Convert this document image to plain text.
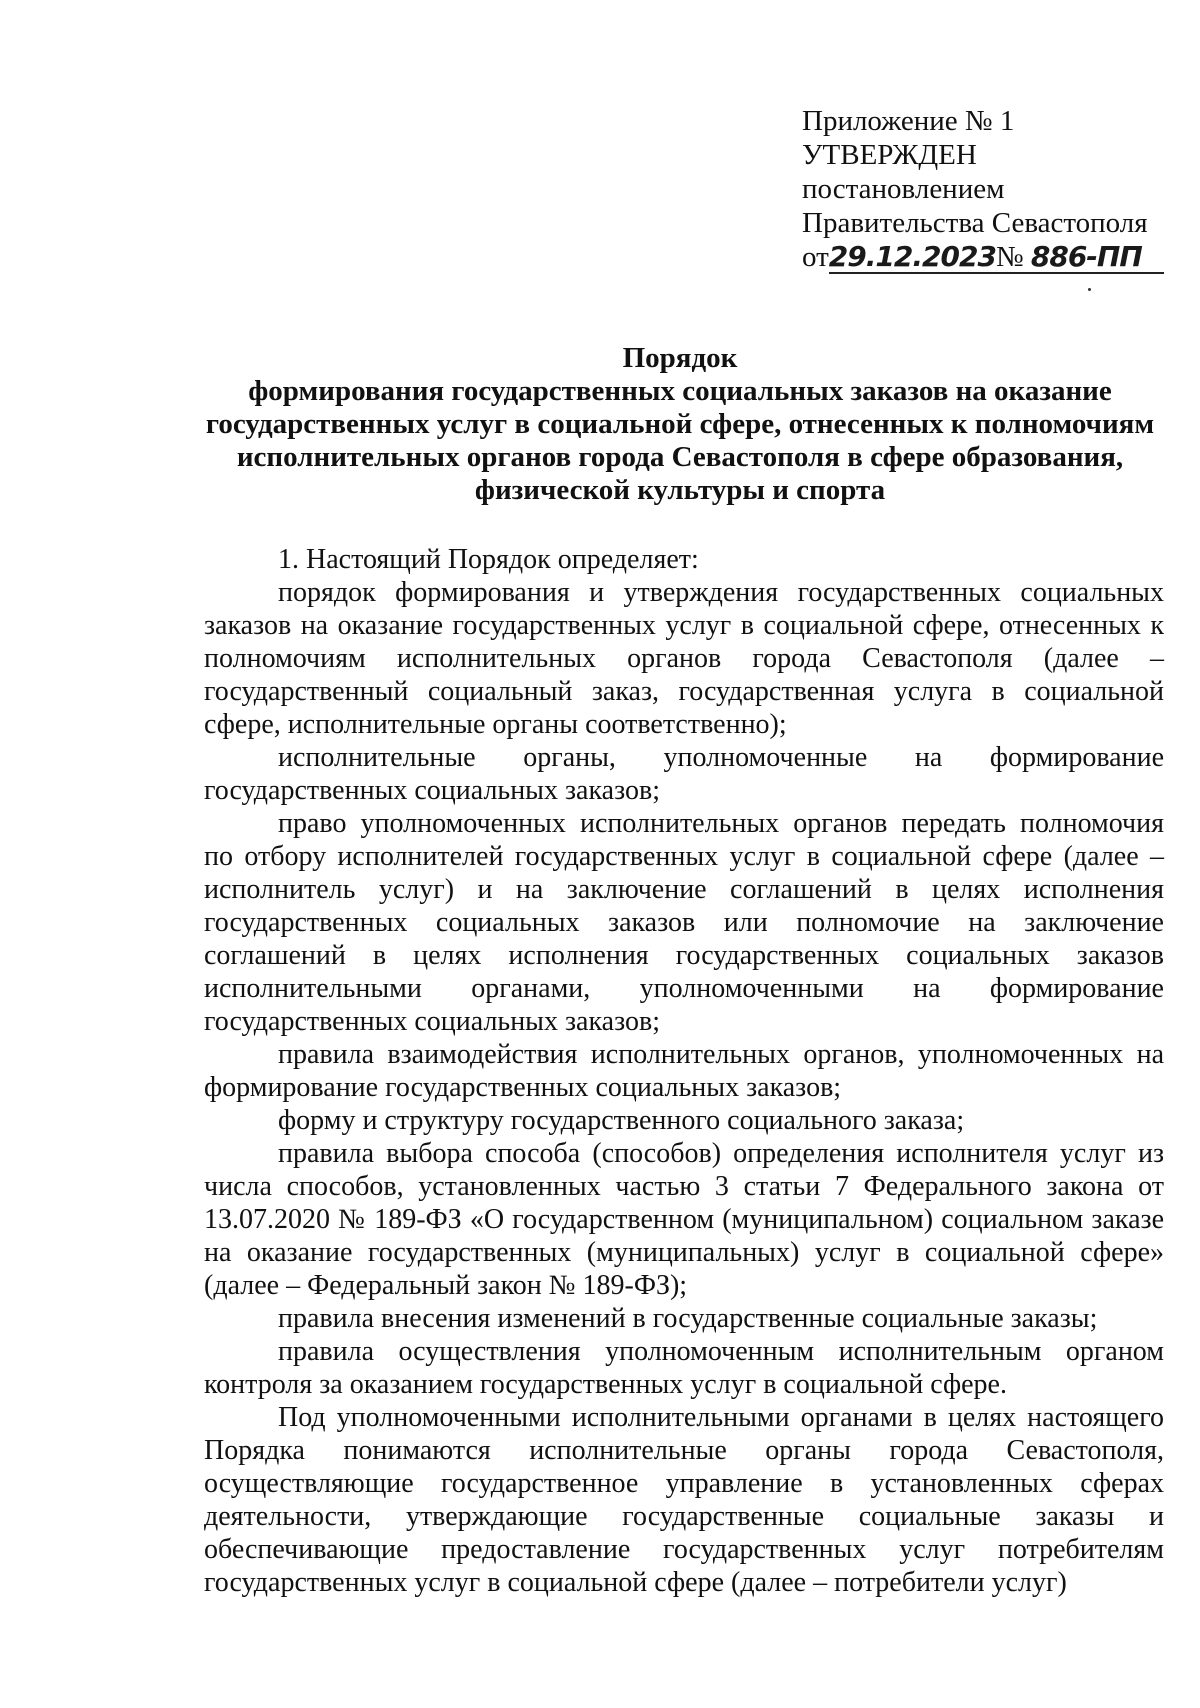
Приложение № 1
УТВЕРЖДЕН
постановлением
Правительства Севастополя
от29.12.2023№ 886-ПП
Порядок
формирования государственных социальных заказов на оказание
государственных услуг в социальной сфере, отнесенных к полномочиям
исполнительных органов города Севастополя в сфере образования,
физической культуры и спорта

1. Настоящий Порядок определяет:

порядок формирования и утверждения государственных социальных заказов на оказание государственных услуг в социальной сфере, отнесенных к полномочиям исполнительных органов города Севастополя (далее – государственный социальный заказ, государственная услуга в социальной сфере, исполнительные органы соответственно);

исполнительные органы, уполномоченные на формирование государственных социальных заказов;

право уполномоченных исполнительных органов передать полномочия по отбору исполнителей государственных услуг в социальной сфере (далее – исполнитель услуг) и на заключение соглашений в целях исполнения государственных социальных заказов или полномочие на заключение соглашений в целях исполнения государственных социальных заказов исполнительными органами, уполномоченными на формирование государственных социальных заказов;

правила взаимодействия исполнительных органов, уполномоченных на формирование государственных социальных заказов;

форму и структуру государственного социального заказа;

правила выбора способа (способов) определения исполнителя услуг из числа способов, установленных частью 3 статьи 7 Федерального закона от 13.07.2020 № 189-ФЗ «О государственном (муниципальном) социальном заказе на оказание государственных (муниципальных) услуг в социальной сфере» (далее – Федеральный закон № 189-ФЗ);

правила внесения изменений в государственные социальные заказы;

правила осуществления уполномоченным исполнительным органом контроля за оказанием государственных услуг в социальной сфере.

Под уполномоченными исполнительными органами в целях настоящего Порядка понимаются исполнительные органы города Севастополя, осуществляющие государственное управление в установленных сферах деятельности, утверждающие государственные социальные заказы и обеспечивающие предоставление государственных услуг потребителям государственных услуг в социальной сфере (далее – потребители услуг)
